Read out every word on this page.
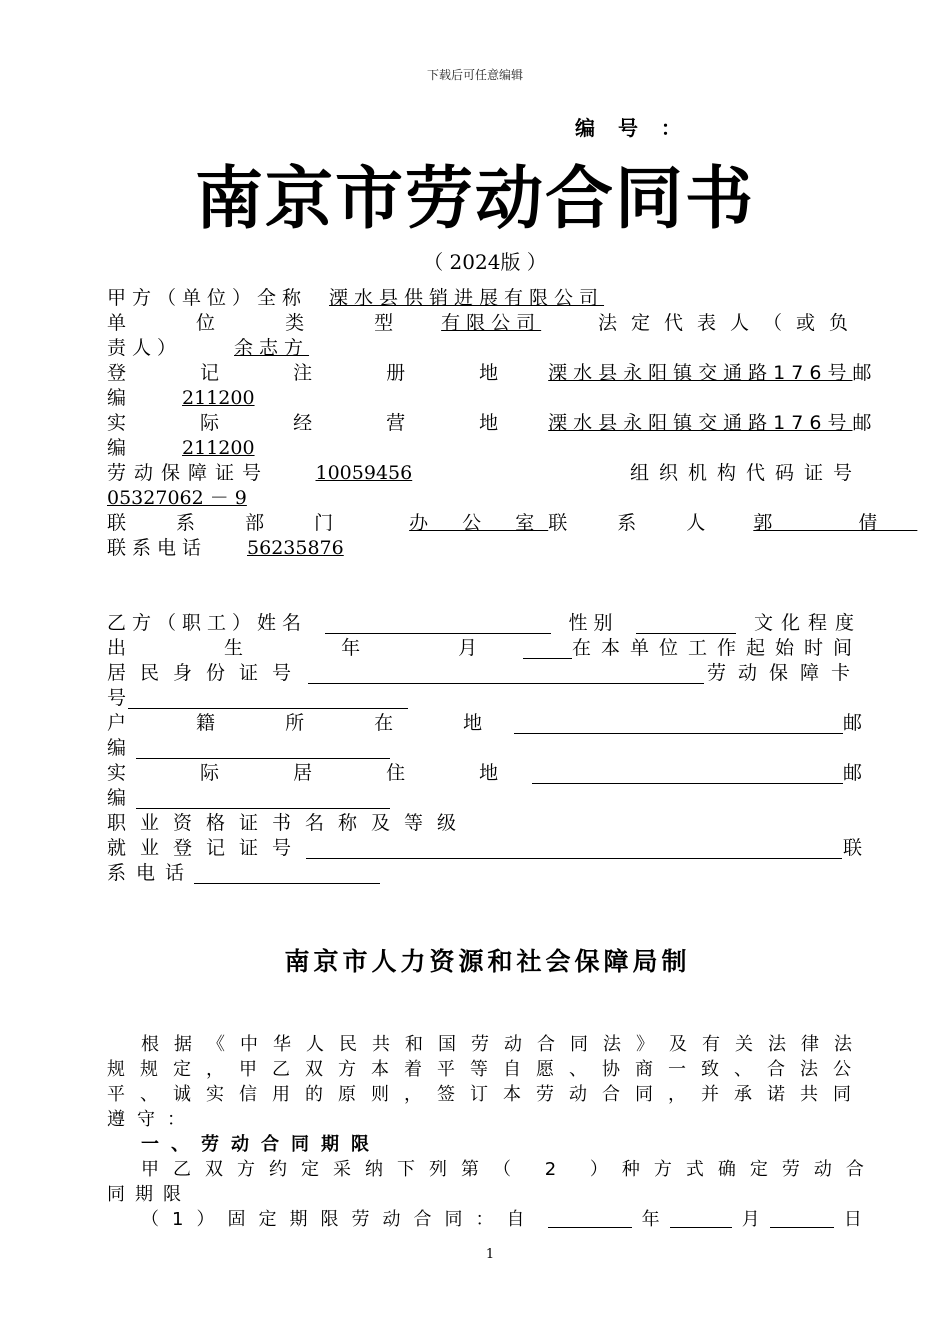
下载后可任意编辑
编 号 ：
南京市劳动合同书
（ 2024版 ）
甲方（单位）全称	溧水县供销进展有限公司
单 位 类 型 有限公司	法定代表人（或负
责人）	余志方
登 记 注 册 地 溧水县永阳镇交通路176号 邮
编	211200
实 际 经 营 地 溧水县永阳镇交通路176号 邮
编	211200
劳动保障证号	10059456	组织机构代码证号
05327062 － 9
联 系 部 门	办 公 室 联 系 人	郭 倩
联系电话	56235876
乙方（职工）姓名	性别	文化程度
出 生 年 月	在本单位工作起始时间
居民身份证号	劳动保障卡
号
户 籍 所 在 地	邮
编
实 际 居 住 地	邮
编
职业资格证书名称及等级
就业登记证号	联
系电话
南京市人力资源和社会保障局制
根据《中华人民共和国劳动合同法》及有关法律法
规规定，甲乙双方本着平等自愿、协商一致、合法公
平、诚实信用的原则，签订本劳动合同，并承诺共同
遵守：
一、劳动合同期限
甲乙双方约定采纳下列第（ 2 ）种方式确定劳动合
同期限
（1）固定期限劳动合同：自	年	月	日
1
